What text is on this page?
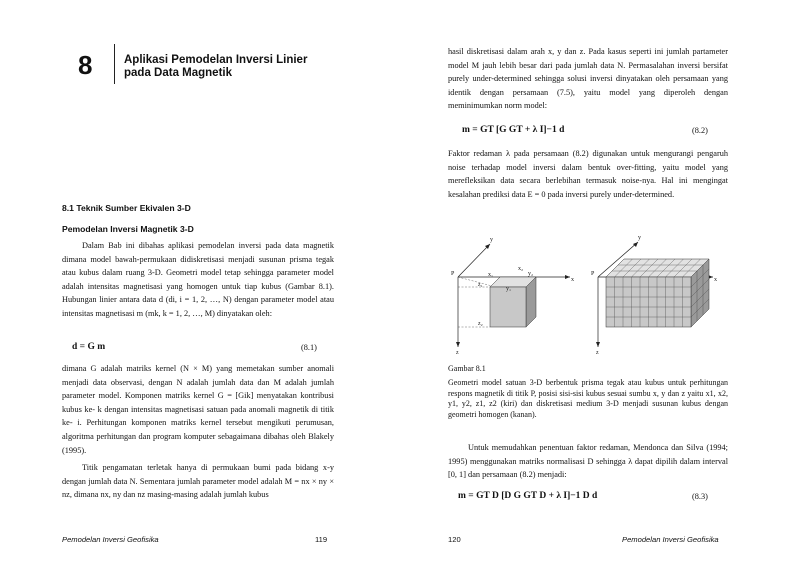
8	Aplikasi Pemodelan Inversi Linier
pada Data Magnetik
8.1 Teknik Sumber Ekivalen 3-D
Pemodelan Inversi Magnetik 3-D

Dalam Bab ini dibahas aplikasi pemodelan inversi pada data magnetik dimana model bawah-permukaan didiskretisasi menjadi susunan prisma tegak atau kubus dalam ruang 3-D. Geometri model tetap sehingga parameter model adalah intensitas magnetisasi yang homogen untuk tiap kubus (Gambar 8.1). Hubungan linier antara data d (di, i = 1, 2, …, N) dengan parameter model atau intensitas magnetisasi m (mk, k = 1, 2, …, M) dinyatakan oleh:

d = G m	(8.1)

dimana G adalah matriks kernel (N × M) yang memetakan sumber anomali menjadi data observasi, dengan N adalah jumlah data dan M adalah jumlah parameter model. Komponen matriks kernel G = [Gik] menyatakan kontribusi kubus ke- k dengan intensitas magnetisasi satuan pada anomali magnetik di titik ke- i. Perhitungan komponen matriks kernel tersebut mengikuti perumusan, algoritma perhitungan dan program komputer sebagaimana dibahas oleh Blakely (1995).

Titik pengamatan terletak hanya di permukaan bumi pada bidang x-y dengan jumlah data N. Sementara jumlah parameter model adalah M = nx × ny × nz, dimana nx, ny dan nz masing-masing adalah jumlah kubus

Pemodelan Inversi Geofisika	119

hasil diskretisasi dalam arah x, y dan z. Pada kasus seperti ini jumlah partameter model M jauh lebih besar dari pada jumlah data N. Permasalahan inversi bersifat purely under-determined sehingga solusi inversi dinyatakan oleh persamaan yang identik dengan persamaan (7.5), yaitu model yang diperoleh dengan meminimumkan norm model:

m = GT [G GT + λ I]−1 d	(8.2)

Faktor redaman λ pada persamaan (8.2) digunakan untuk mengurangi pengaruh noise terhadap model inversi dalam bentuk over-fitting, yaitu model yang merefleksikan data secara berlebihan termasuk noise-nya. Hal ini mengingat kesalahan prediksi data E = 0 pada inversi purely under-determined.

Gambar 8.1

Geometri model satuan 3-D berbentuk prisma tegak atau kubus untuk perhitungan respons magnetik di titik P, posisi sisi-sisi kubus sesuai sumbu x, y dan z yaitu x1, x2, y1, y2, z1, z2 (kiri) dan diskretisasi medium 3-D menjadi susunan kubus dengan geometri homogen (kanan).

Untuk memudahkan penentuan faktor redaman, Mendonca dan Silva (1994; 1995) menggunakan matriks normalisasi D sehingga λ dapat dipilih dalam interval [0, 1] dan persamaan (8.2) menjadi:

m = GT D [D G GT D + λ I]−1 D d	(8.3)
120	Pemodelan Inversi Geofisika
y
x
z
P	x₁
x₂
y₁
y₂
z₁
z₂
y
x
z
P
